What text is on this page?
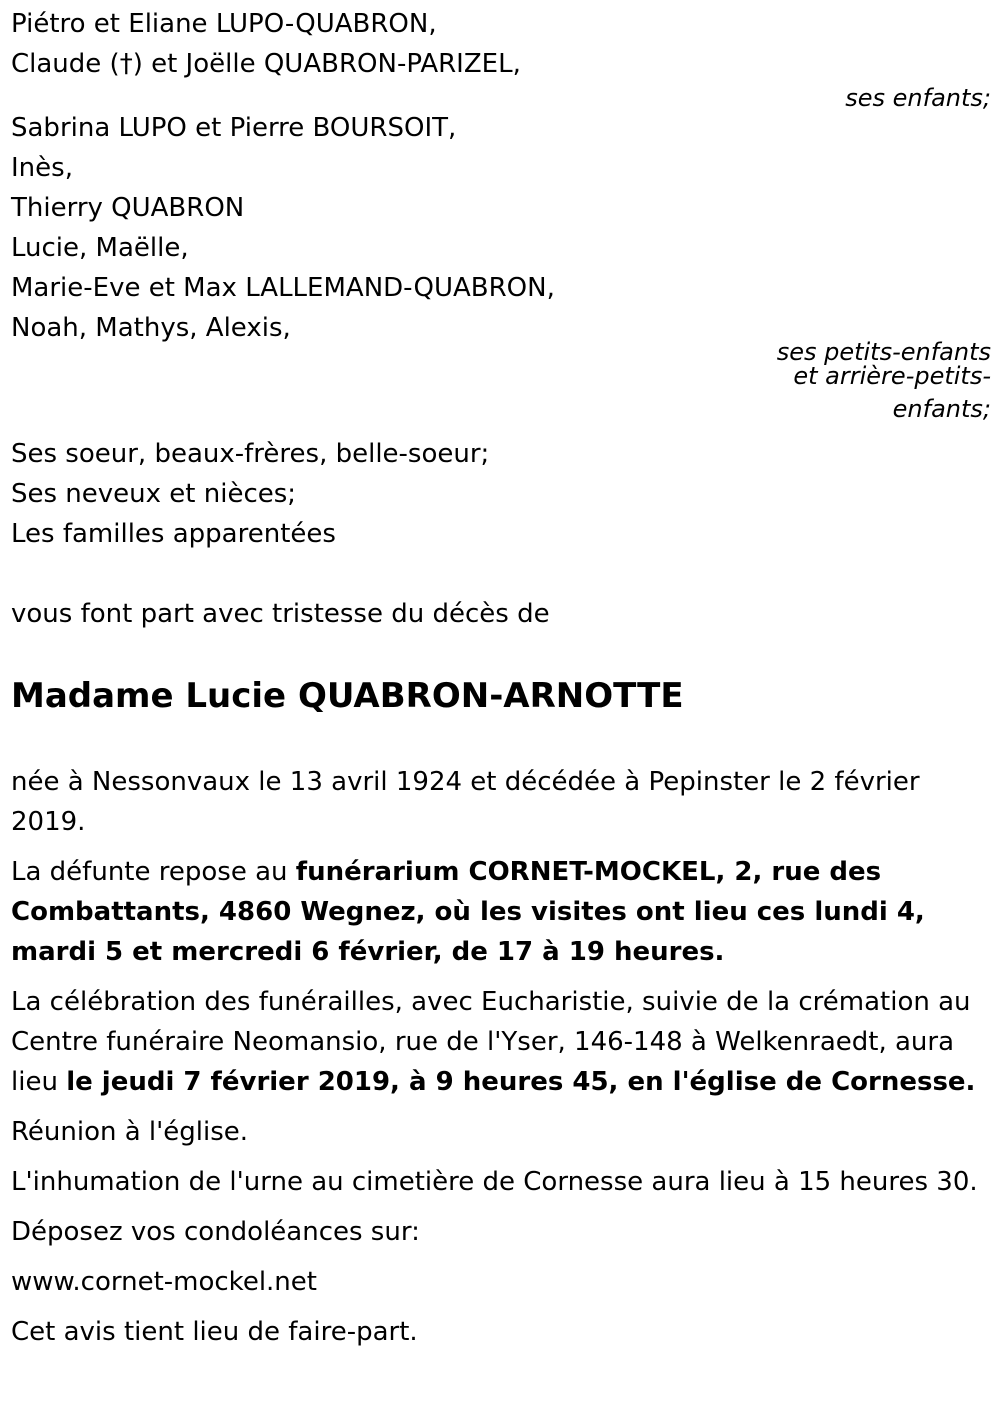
Piétro et Eliane LUPO-QUABRON,
Claude (†) et Joëlle QUABRON-PARIZEL,
ses enfants;
Sabrina LUPO et Pierre BOURSOIT,
Inès,
Thierry QUABRON
Lucie, Maëlle,
Marie-Eve et Max LALLEMAND-QUABRON,
Noah, Mathys, Alexis,
ses petits-enfants
et arrière-petits-
enfants;
Ses soeur, beaux-frères, belle-soeur;
Ses neveux et nièces;
Les familles apparentées

vous font part avec tristesse du décès de

Madame Lucie QUABRON-ARNOTTE

née à Nessonvaux le 13 avril 1924 et décédée à Pepinster le 2 février 2019.

La défunte repose au funérarium CORNET-MOCKEL, 2, rue des Combattants, 4860 Wegnez, où les visites ont lieu ces lundi 4, mardi 5 et mercredi 6 février, de 17 à 19 heures.

La célébration des funérailles, avec Eucharistie, suivie de la crémation au Centre funéraire Neomansio, rue de l'Yser, 146-148 à Welkenraedt, aura lieu le jeudi 7 février 2019, à 9 heures 45, en l'église de Cornesse.

Réunion à l'église.

L'inhumation de l'urne au cimetière de Cornesse aura lieu à 15 heures 30.

Déposez vos condoléances sur:

www.cornet-mockel.net

Cet avis tient lieu de faire-part.
